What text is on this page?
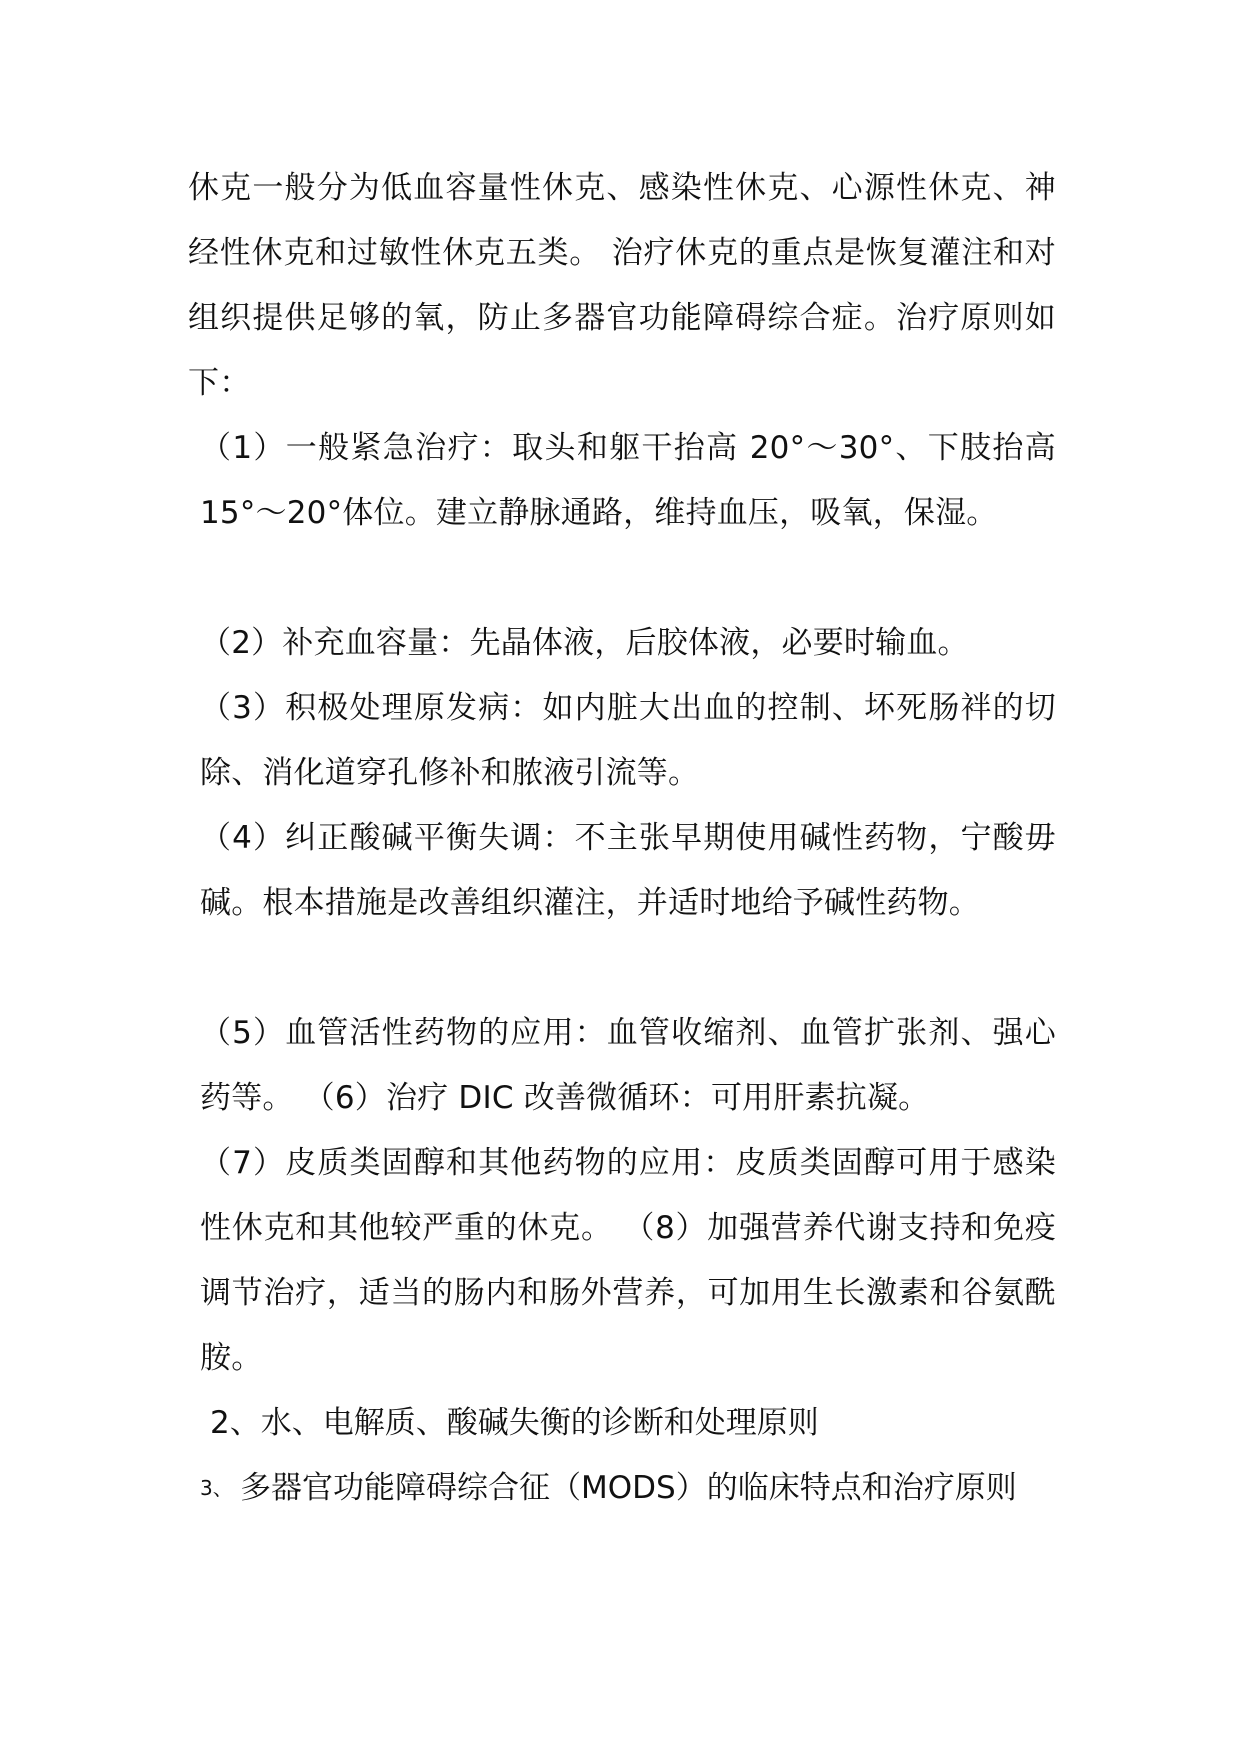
休克一般分为低血容量性休克、感染性休克、心源性休克、神经性休克和过敏性休克五类。 治疗休克的重点是恢复灌注和对组织提供足够的氧，防止多器官功能障碍综合症。治疗原则如下：

（1）一般紧急治疗：取头和躯干抬高 20°～30°、下肢抬高 15°～20°体位。建立静脉通路，维持血压，吸氧，保湿。

（2）补充血容量：先晶体液，后胶体液，必要时输血。

（3）积极处理原发病：如内脏大出血的控制、坏死肠袢的切除、消化道穿孔修补和脓液引流等。

（4）纠正酸碱平衡失调：不主张早期使用碱性药物，宁酸毋碱。根本措施是改善组织灌注，并适时地给予碱性药物。

（5）血管活性药物的应用：血管收缩剂、血管扩张剂、强心药等。 （6）治疗 DIC 改善微循环：可用肝素抗凝。

（7）皮质类固醇和其他药物的应用：皮质类固醇可用于感染性休克和其他较严重的休克。 （8）加强营养代谢支持和免疫调节治疗，适当的肠内和肠外营养，可加用生长激素和谷氨酰胺。

2、水、电解质、酸碱失衡的诊断和处理原则

3、 多器官功能障碍综合征（MODS）的临床特点和治疗原则
